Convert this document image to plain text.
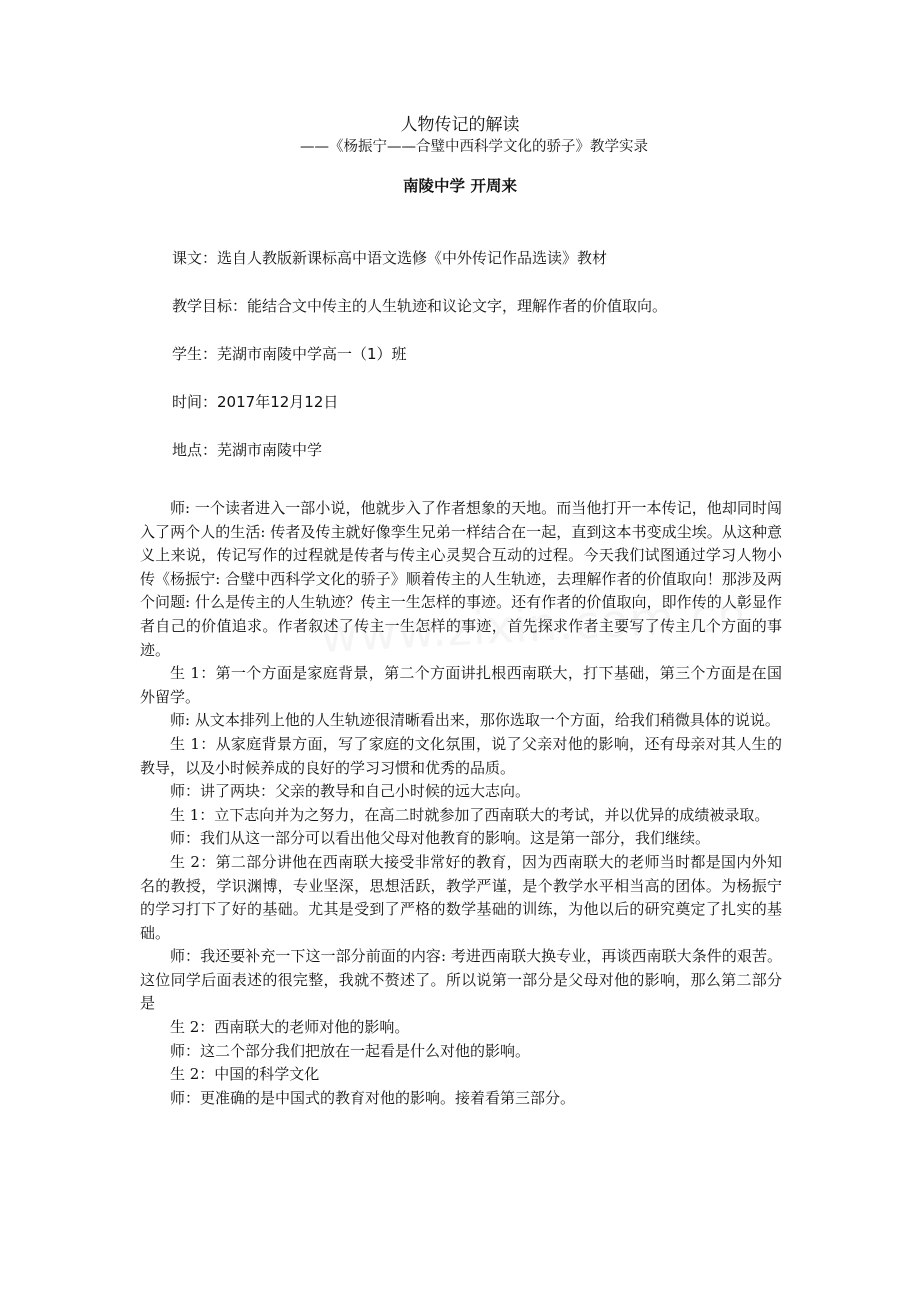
人物传记的解读
——《杨振宁——合璧中西科学文化的骄子》教学实录
南陵中学 开周来
课文：选自人教版新课标高中语文选修《中外传记作品选读》教材
教学目标：能结合文中传主的人生轨迹和议论文字，理解作者的价值取向。
学生：芜湖市南陵中学高一（1）班
时间：2017年12月12日
地点：芜湖市南陵中学

师: 一个读者进入一部小说，他就步入了作者想象的天地。而当他打开一本传记，他却同时闯入了两个人的生活: 传者及传主就好像孪生兄弟一样结合在一起，直到这本书变成尘埃。从这种意义上来说，传记写作的过程就是传者与传主心灵契合互动的过程。今天我们试图通过学习人物小传《杨振宁: 合璧中西科学文化的骄子》顺着传主的人生轨迹，去理解作者的价值取向！那涉及两个问题: 什么是传主的人生轨迹？传主一生怎样的事迹。还有作者的价值取向，即作传的人彰显作者自己的价值追求。作者叙述了传主一生怎样的事迹，首先探求作者主要写了传主几个方面的事迹。

生 1：第一个方面是家庭背景，第二个方面讲扎根西南联大，打下基础，第三个方面是在国外留学。

师: 从文本排列上他的人生轨迹很清晰看出来，那你选取一个方面，给我们稍微具体的说说。

生 1：从家庭背景方面，写了家庭的文化氛围，说了父亲对他的影响，还有母亲对其人生的教导，以及小时候养成的良好的学习习惯和优秀的品质。

师：讲了两块：父亲的教导和自己小时候的远大志向。

生 1：立下志向并为之努力，在高二时就参加了西南联大的考试，并以优异的成绩被录取。

师：我们从这一部分可以看出他父母对他教育的影响。这是第一部分，我们继续。

生 2：第二部分讲他在西南联大接受非常好的教育，因为西南联大的老师当时都是国内外知名的教授，学识渊博，专业坚深，思想活跃，教学严谨，是个教学水平相当高的团体。为杨振宁的学习打下了好的基础。尤其是受到了严格的数学基础的训练，为他以后的研究奠定了扎实的基础。

师：我还要补充一下这一部分前面的内容: 考进西南联大换专业，再谈西南联大条件的艰苦。这位同学后面表述的很完整，我就不赘述了。所以说第一部分是父母对他的影响，那么第二部分是

生 2：西南联大的老师对他的影响。

师：这二个部分我们把放在一起看是什么对他的影响。

生 2：中国的科学文化

师：更准确的是中国式的教育对他的影响。接着看第三部分。
